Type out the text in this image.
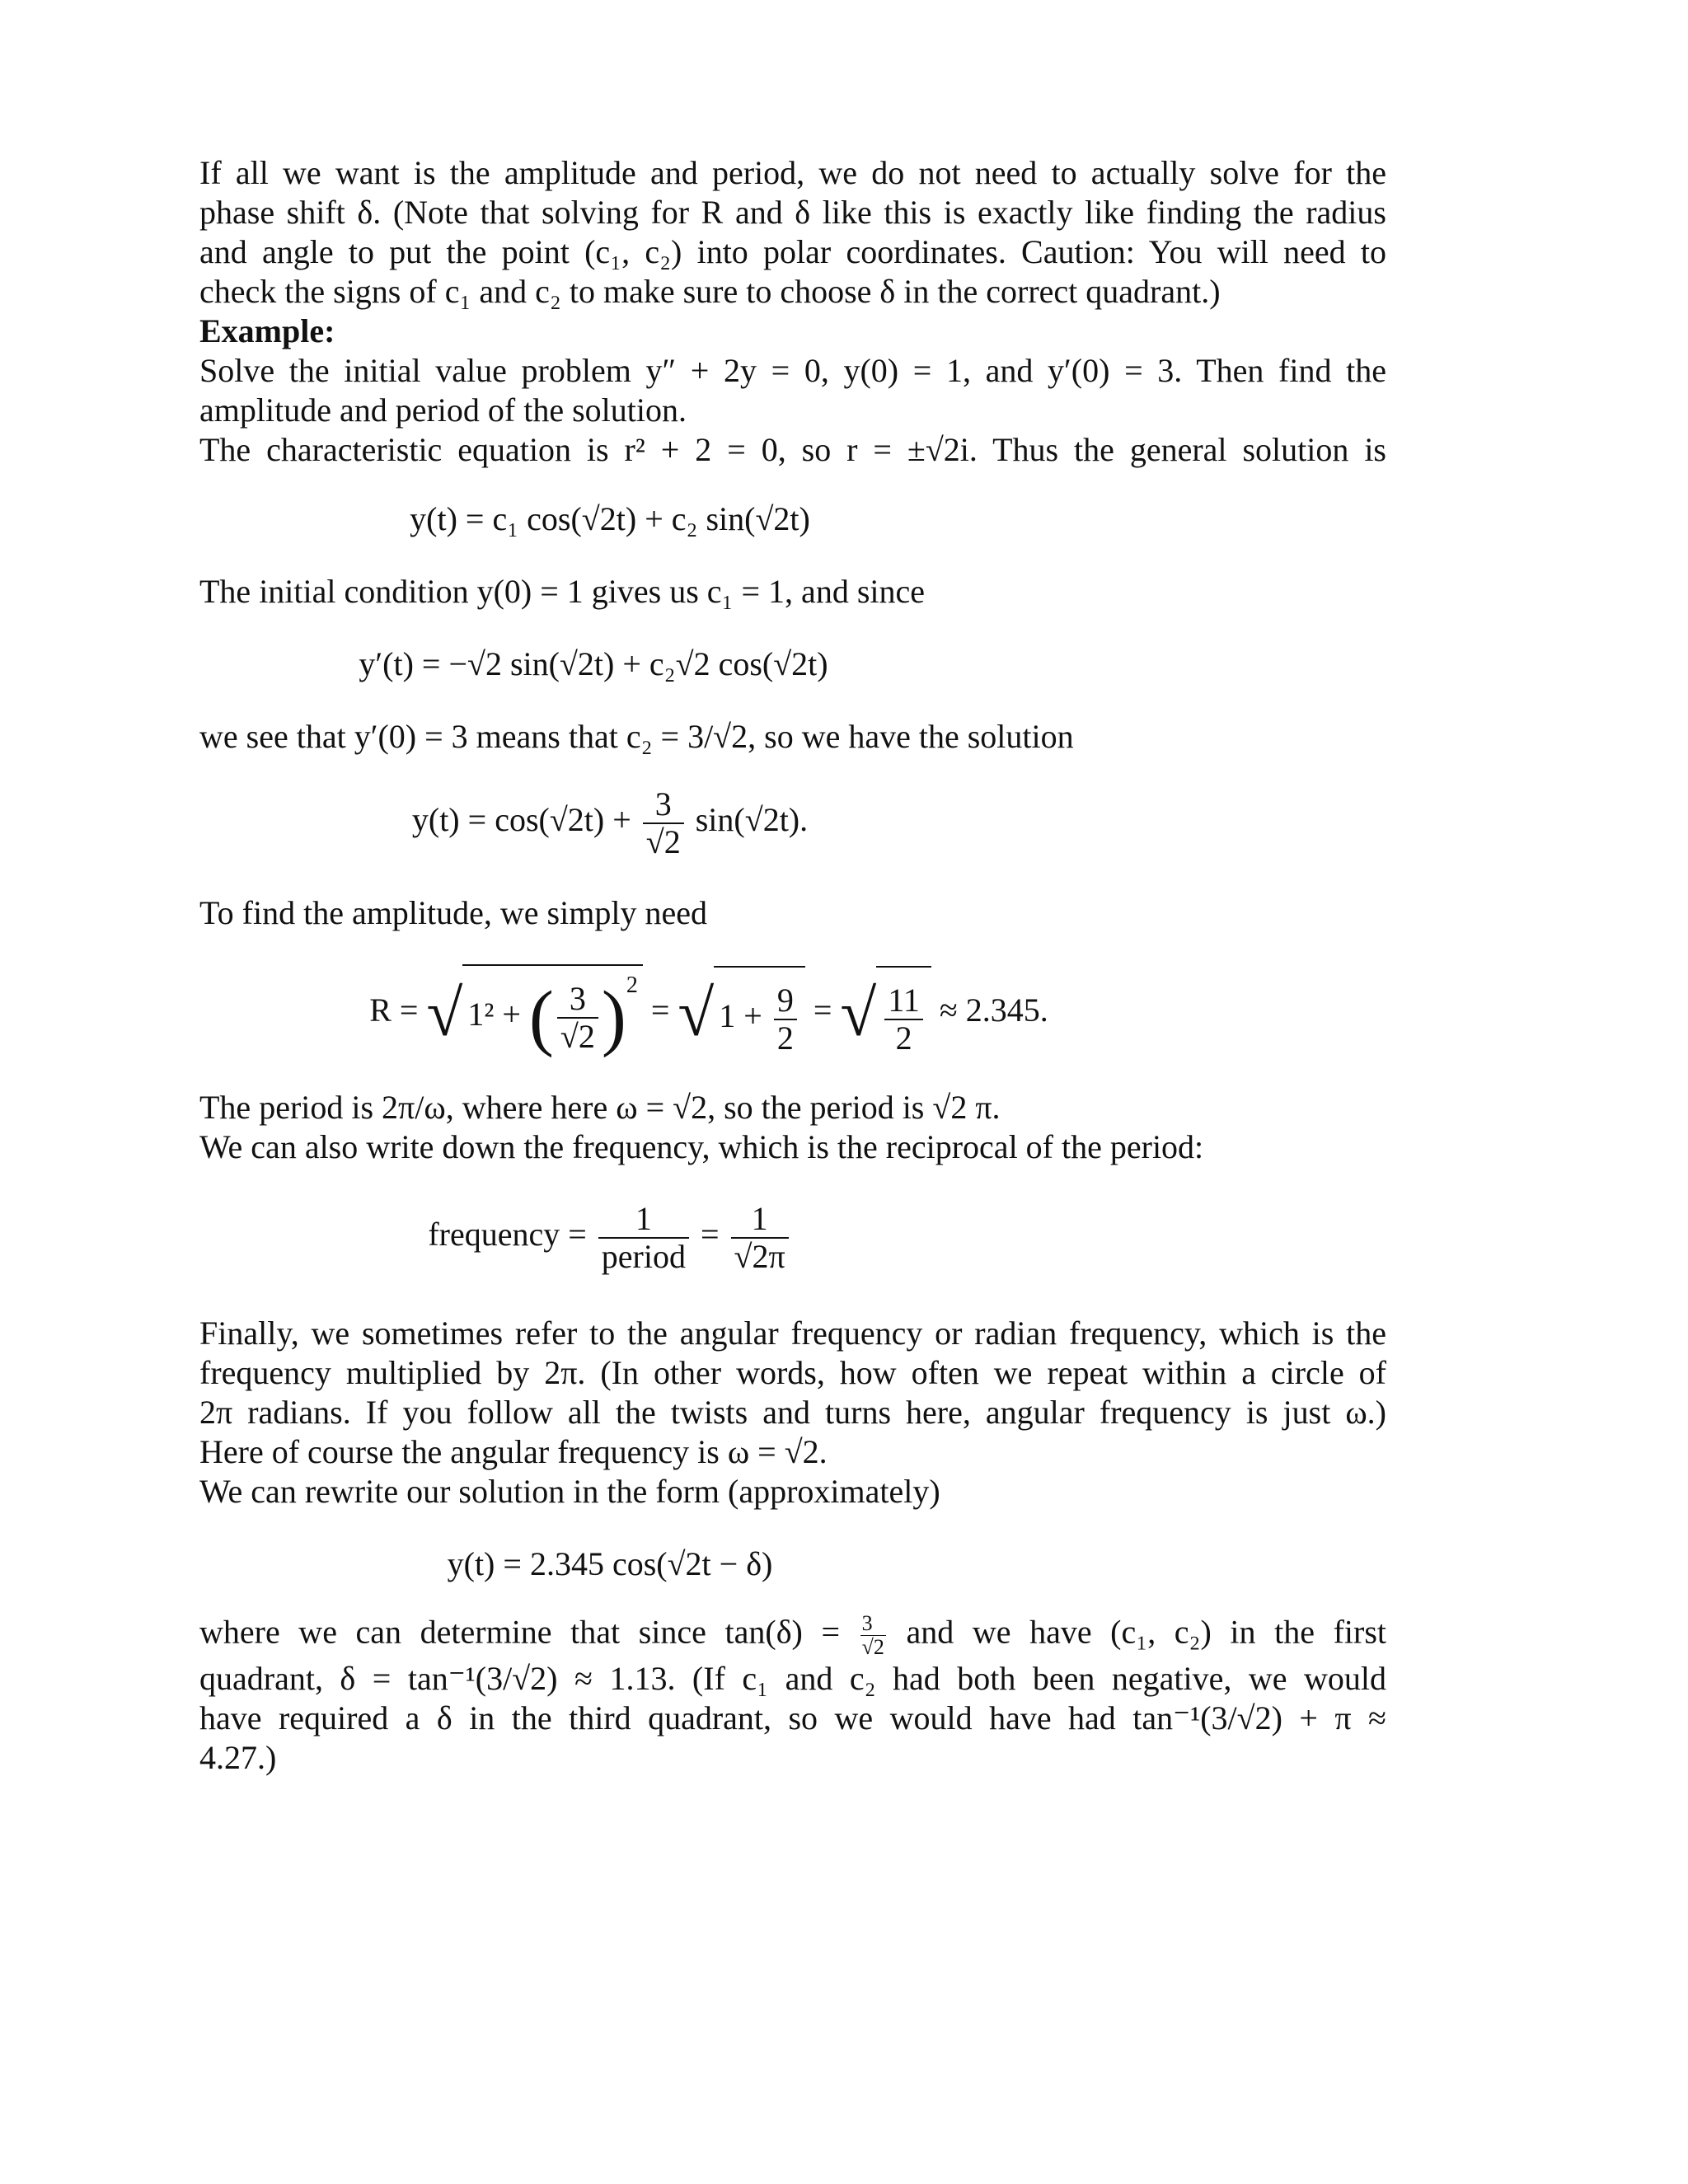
If all we want is the amplitude and period, we do not need to actually solve for the
phase shift δ. (Note that solving for R and δ like this is exactly like finding the radius
and angle to put the point (c₁, c₂) into polar coordinates. Caution: You will need to
check the signs of c₁ and c₂ to make sure to choose δ in the correct quadrant.)

Example:
Solve the initial value problem y″ + 2y = 0, y(0) = 1, and y′(0) = 3. Then find the
amplitude and period of the solution.
The characteristic equation is r² + 2 = 0, so r = ±√2i. Thus the general solution is

y(t) = c₁ cos(√2t) + c₂ sin(√2t)

The initial condition y(0) = 1 gives us c₁ = 1, and since

y′(t) = −√2 sin(√2t) + c₂√2 cos(√2t)

we see that y′(0) = 3 means that c₂ = 3/√2, so we have the solution

$y(t) = \cos(√2t) + \frac{3}{√2} \sin(√2t)$.

To find the amplitude, we simply need

R = √ 1² + ( $\frac{3}{√2} )^2$ = √ $1 + \frac{9}{2}$ = √ $\frac{11}{2} \approx 2.345$.

The period is 2π/ω, where here ω = √2, so the period is √2 π.
We can also write down the frequency, which is the reciprocal of the period:

frequency = $\frac{1}{\text{period}} = \frac{1}{√2\pi}$

Finally, we sometimes refer to the angular frequency or radian frequency, which is the
frequency multiplied by 2π. (In other words, how often we repeat within a circle of
2π radians. If you follow all the twists and turns here, angular frequency is just ω.)
Here of course the angular frequency is ω = √2.
We can rewrite our solution in the form (approximately)

y(t) = 2.345 cos(√2t − δ)

where we can determine that since $\tan(\delta) = \frac{3}{√2}$ and we have (c₁, c₂) in the first
quadrant, δ = tan⁻¹(3/√2) ≈ 1.13. (If c₁ and c₂ had both been negative, we would
have required a δ in the third quadrant, so we would have had tan⁻¹(3/√2) + π ≈
4.27.)
